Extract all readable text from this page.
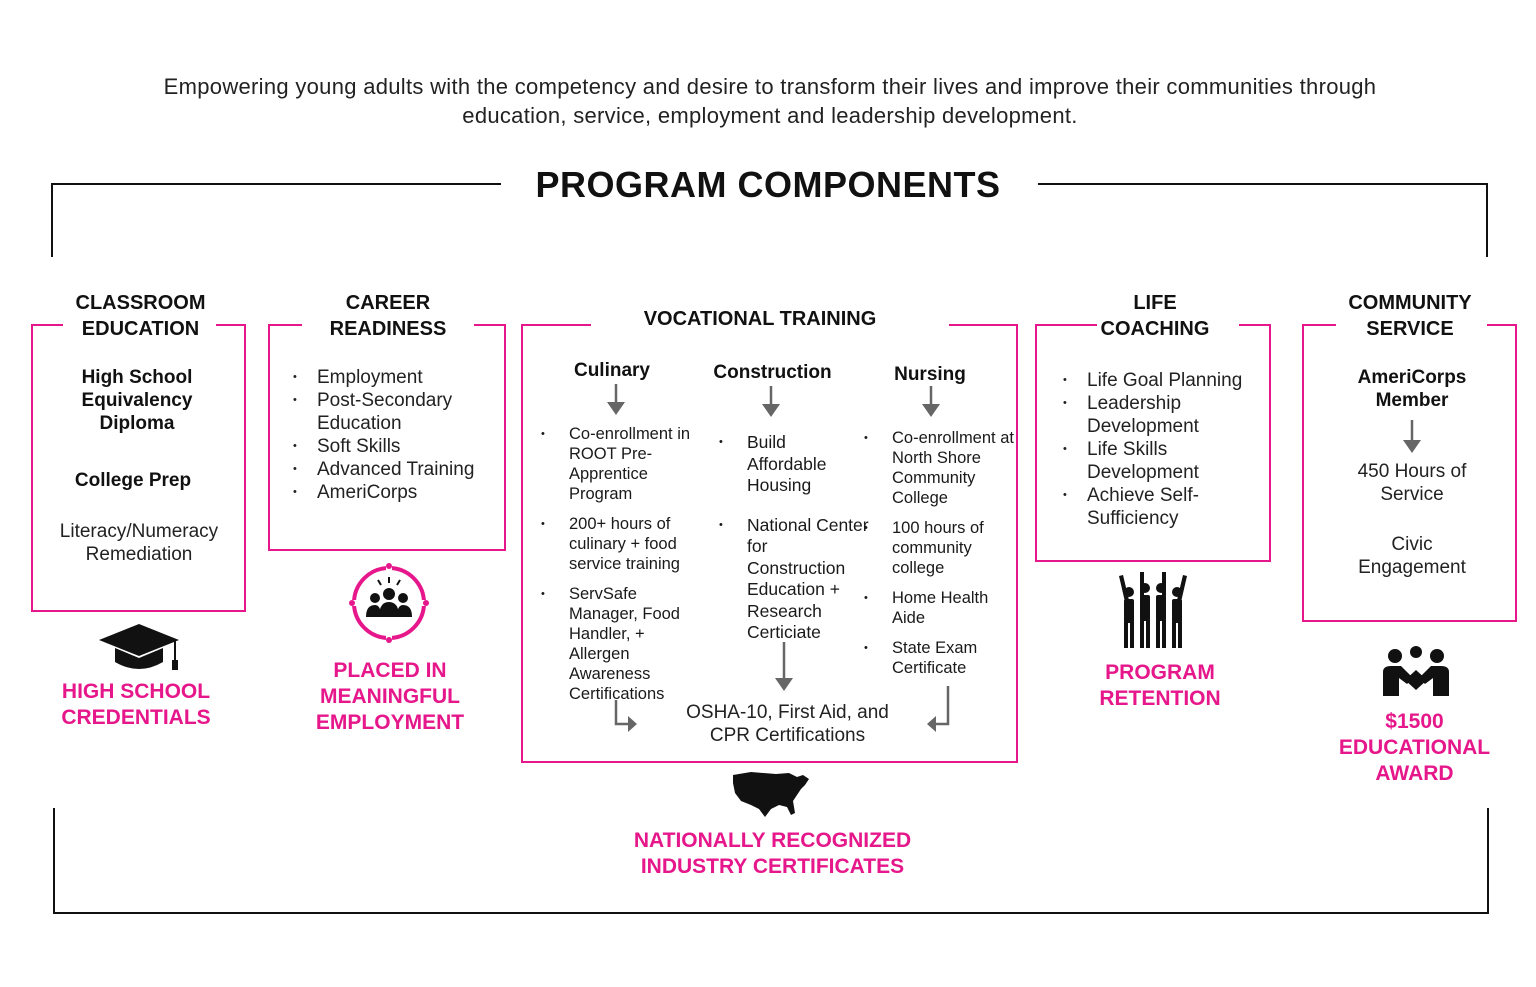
Empowering young adults with the competency and desire to transform their lives and improve their communities through education, service, employment and leadership development.
PROGRAM COMPONENTS
CLASSROOM EDUCATION
High School Equivalency Diploma
College Prep
Literacy/Numeracy Remediation
HIGH SCHOOL CREDENTIALS
CAREER READINESS
• Employment
• Post-Secondary Education
• Soft Skills
• Advanced Training
• AmeriCorps
PLACED IN MEANINGFUL EMPLOYMENT
VOCATIONAL TRAINING
Culinary	Construction	Nursing
• Co-enrollment in ROOT Pre-Apprentice Program
• 200+ hours of culinary + food service training
• ServSafe Manager, Food Handler, + Allergen Awareness Certifications
• Build Affordable Housing
• National Center for Construction Education + Research Certiciate
• Co-enrollment at North Shore Community College
• 100 hours of community college
• Home Health Aide
• State Exam Certificate
OSHA-10, First Aid, and CPR Certifications
NATIONALLY RECOGNIZED INDUSTRY CERTIFICATES
LIFE COACHING
• Life Goal Planning
• Leadership Development
• Life Skills Development
• Achieve Self-Sufficiency
PROGRAM RETENTION
COMMUNITY SERVICE
AmeriCorps Member
450 Hours of Service
Civic Engagement
$1500 EDUCATIONAL AWARD
